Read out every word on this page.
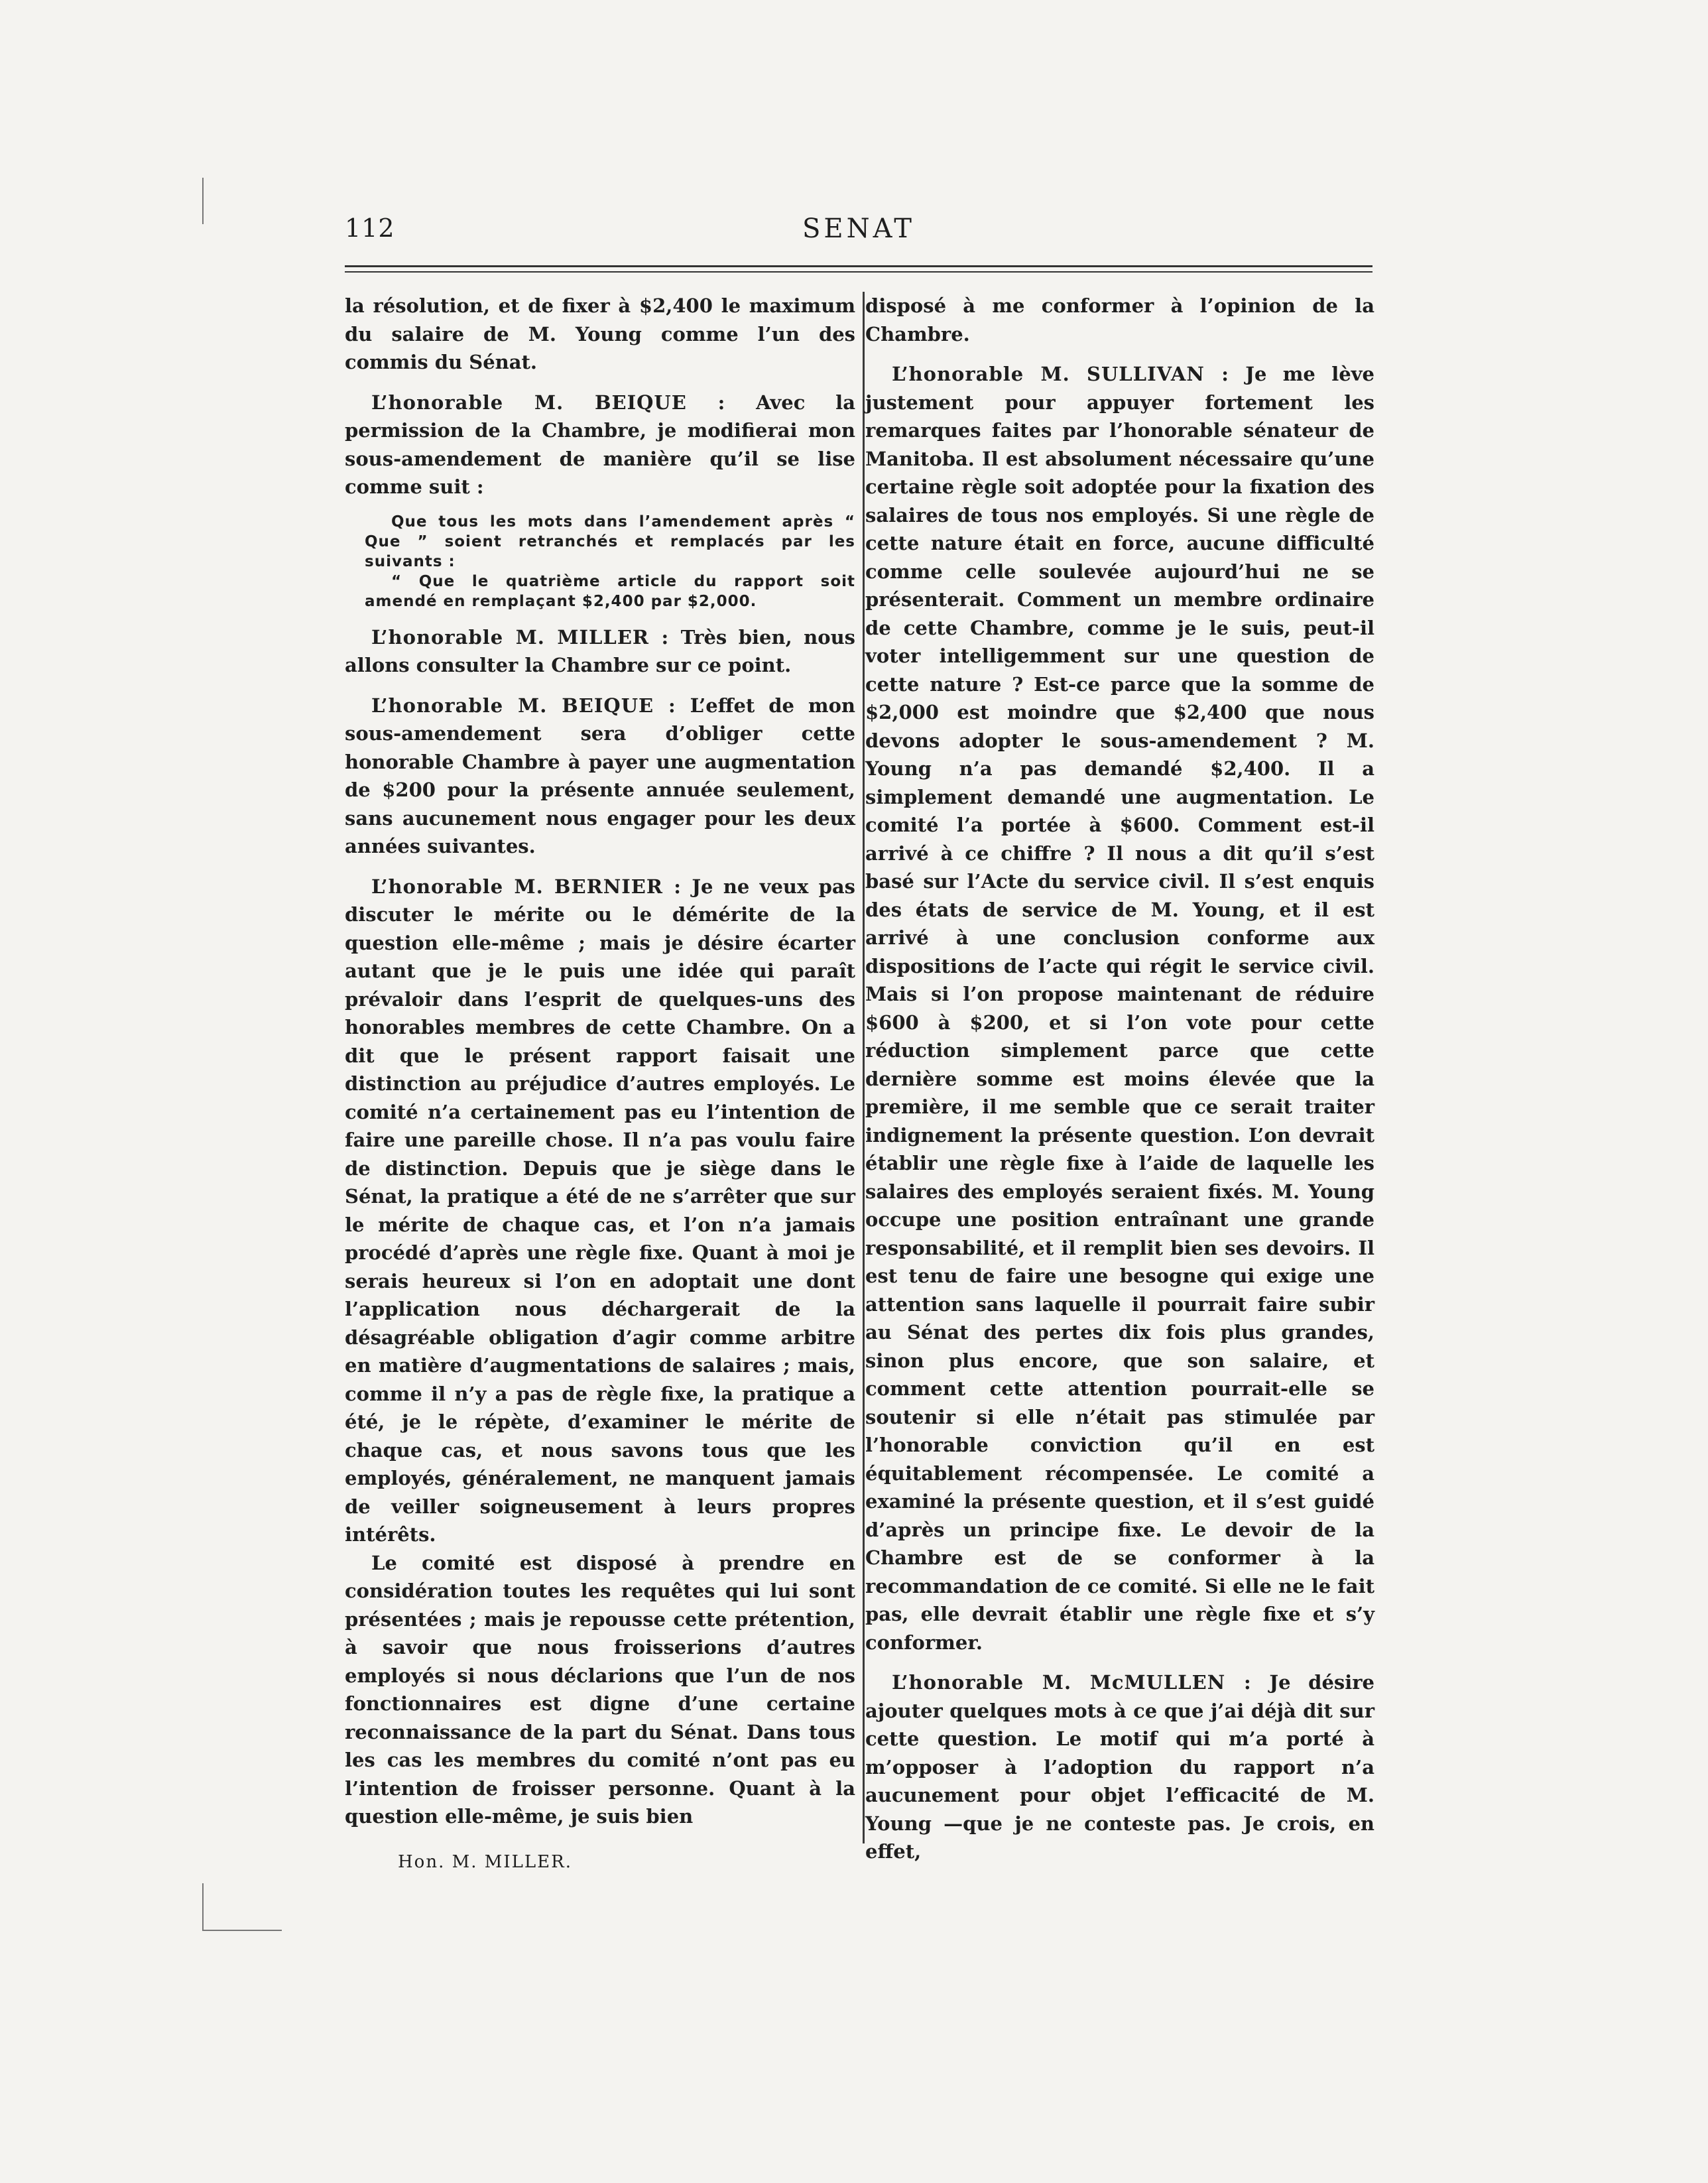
112	SENAT

la résolution, et de fixer à $2,400 le maximum du salaire de M. Young comme l’un des commis du Sénat.

L’honorable M. BEIQUE : Avec la permission de la Chambre, je modifierai mon sous-amendement de manière qu’il se lise comme suit :

Que tous les mots dans l’amendement après “ Que ” soient retranchés et remplacés par les suivants :

“ Que le quatrième article du rapport soit amendé en remplaçant $2,400 par $2,000.

L’honorable M. MILLER : Très bien, nous allons consulter la Chambre sur ce point.

L’honorable M. BEIQUE : L’effet de mon sous-amendement sera d’obliger cette honorable Chambre à payer une augmentation de $200 pour la présente annuée seulement, sans aucunement nous engager pour les deux années suivantes.

L’honorable M. BERNIER : Je ne veux pas discuter le mérite ou le démérite de la question elle-même ; mais je désire écarter autant que je le puis une idée qui paraît prévaloir dans l’esprit de quelques-uns des honorables membres de cette Chambre. On a dit que le présent rapport faisait une distinction au préjudice d’autres employés. Le comité n’a certainement pas eu l’intention de faire une pareille chose. Il n’a pas voulu faire de distinction. Depuis que je siège dans le Sénat, la pratique a été de ne s’arrêter que sur le mérite de chaque cas, et l’on n’a jamais procédé d’après une règle fixe. Quant à moi je serais heureux si l’on en adoptait une dont l’application nous déchargerait de la désagréable obligation d’agir comme arbitre en matière d’augmentations de salaires ; mais, comme il n’y a pas de règle fixe, la pratique a été, je le répète, d’examiner le mérite de chaque cas, et nous savons tous que les employés, généralement, ne manquent jamais de veiller soigneusement à leurs propres intérêts.

Le comité est disposé à prendre en considération toutes les requêtes qui lui sont présentées ; mais je repousse cette prétention, à savoir que nous froisserions d’autres employés si nous déclarions que l’un de nos fonctionnaires est digne d’une certaine reconnaissance de la part du Sénat. Dans tous les cas les membres du comité n’ont pas eu l’intention de froisser personne. Quant à la question elle-même, je suis bien

disposé à me conformer à l’opinion de la Chambre.

L’honorable M. SULLIVAN : Je me lève justement pour appuyer fortement les remarques faites par l’honorable sénateur de Manitoba. Il est absolument nécessaire qu’une certaine règle soit adoptée pour la fixation des salaires de tous nos employés. Si une règle de cette nature était en force, aucune difficulté comme celle soulevée aujourd’hui ne se présenterait. Comment un membre ordinaire de cette Chambre, comme je le suis, peut-il voter intelligemment sur une question de cette nature ? Est-ce parce que la somme de $2,000 est moindre que $2,400 que nous devons adopter le sous-amendement ? M. Young n’a pas demandé $2,400. Il a simplement demandé une augmentation. Le comité l’a portée à $600. Comment est-il arrivé à ce chiffre ? Il nous a dit qu’il s’est basé sur l’Acte du service civil. Il s’est enquis des états de service de M. Young, et il est arrivé à une conclusion conforme aux dispositions de l’acte qui régit le service civil. Mais si l’on propose maintenant de réduire $600 à $200, et si l’on vote pour cette réduction simplement parce que cette dernière somme est moins élevée que la première, il me semble que ce serait traiter indignement la présente question. L’on devrait établir une règle fixe à l’aide de laquelle les salaires des employés seraient fixés. M. Young occupe une position entraînant une grande responsabilité, et il remplit bien ses devoirs. Il est tenu de faire une besogne qui exige une attention sans laquelle il pourrait faire subir au Sénat des pertes dix fois plus grandes, sinon plus encore, que son salaire, et comment cette attention pourrait-elle se soutenir si elle n’était pas stimulée par l’honorable conviction qu’il en est équitablement récompensée. Le comité a examiné la présente question, et il s’est guidé d’après un principe fixe. Le devoir de la Chambre est de se conformer à la recommandation de ce comité. Si elle ne le fait pas, elle devrait établir une règle fixe et s’y conformer.

L’honorable M. McMULLEN : Je désire ajouter quelques mots à ce que j’ai déjà dit sur cette question. Le motif qui m’a porté à m’opposer à l’adoption du rapport n’a aucunement pour objet l’efficacité de M. Young —que je ne conteste pas. Je crois, en effet,

Hon. M. MILLER.
